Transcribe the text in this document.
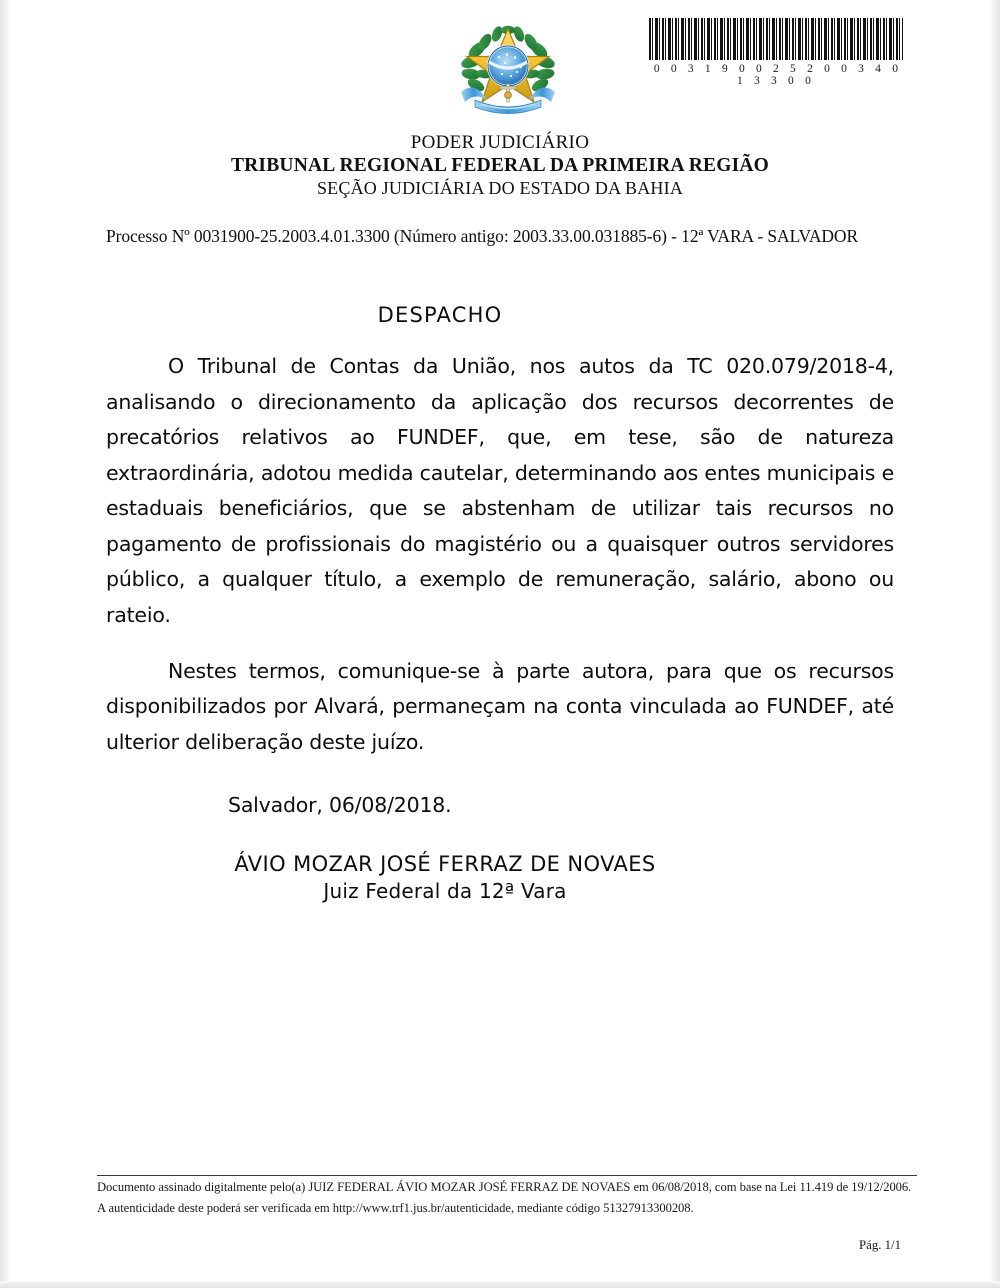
0 0 3 1 9 0 0 2 5 2 0 0 3 4 0 1 3 3 0 0
PODER JUDICIÁRIO
TRIBUNAL REGIONAL FEDERAL DA PRIMEIRA REGIÃO
SEÇÃO JUDICIÁRIA DO ESTADO DA BAHIA
Processo Nº 0031900-25.2003.4.01.3300 (Número antigo: 2003.33.00.031885-6) - 12ª VARA - SALVADOR
DESPACHO

O Tribunal de Contas da União, nos autos da TC 020.079/2018-4, analisando o direcionamento da aplicação dos recursos decorrentes de precatórios relativos ao FUNDEF, que, em tese, são de natureza extraordinária, adotou medida cautelar, determinando aos entes municipais e estaduais beneficiários, que se abstenham de utilizar tais recursos no pagamento de profissionais do magistério ou a quaisquer outros servidores público, a qualquer título, a exemplo de remuneração, salário, abono ou rateio.

Nestes termos, comunique-se à parte autora, para que os recursos disponibilizados por Alvará, permaneçam na conta vinculada ao FUNDEF, até ulterior deliberação deste juízo.

Salvador, 06/08/2018.
ÁVIO MOZAR JOSÉ FERRAZ DE NOVAES
Juiz Federal da 12ª Vara
Documento assinado digitalmente pelo(a) JUIZ FEDERAL ÁVIO MOZAR JOSÉ FERRAZ DE NOVAES em 06/08/2018, com base na Lei 11.419 de 19/12/2006.
A autenticidade deste poderá ser verificada em http://www.trf1.jus.br/autenticidade, mediante código 51327913300208.
Pág. 1/1
